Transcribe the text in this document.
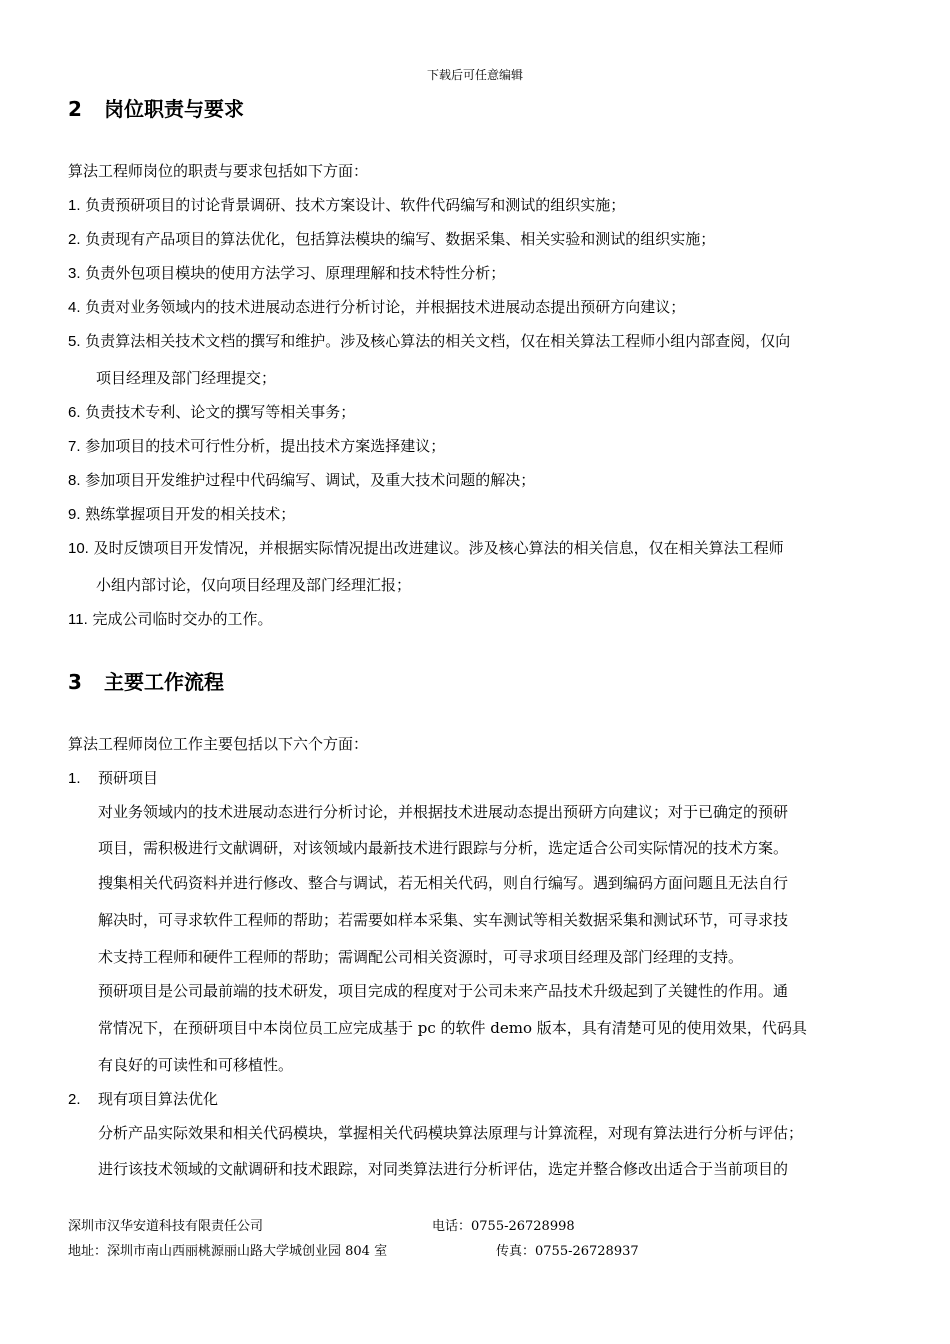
下载后可任意编辑
2 岗位职责与要求
算法工程师岗位的职责与要求包括如下方面：
1. 负责预研项目的讨论背景调研、技术方案设计、软件代码编写和测试的组织实施；
2. 负责现有产品项目的算法优化，包括算法模块的编写、数据采集、相关实验和测试的组织实施；
3. 负责外包项目模块的使用方法学习、原理理解和技术特性分析；
4. 负责对业务领域内的技术进展动态进行分析讨论，并根据技术进展动态提出预研方向建议；
5. 负责算法相关技术文档的撰写和维护。涉及核心算法的相关文档，仅在相关算法工程师小组内部查阅，仅向
项目经理及部门经理提交；
6. 负责技术专利、论文的撰写等相关事务；
7. 参加项目的技术可行性分析，提出技术方案选择建议；
8. 参加项目开发维护过程中代码编写、调试，及重大技术问题的解决；
9. 熟练掌握项目开发的相关技术；
10. 及时反馈项目开发情况，并根据实际情况提出改进建议。涉及核心算法的相关信息，仅在相关算法工程师
小组内部讨论，仅向项目经理及部门经理汇报；
11. 完成公司临时交办的工作。
3 主要工作流程
算法工程师岗位工作主要包括以下六个方面：
1. 预研项目
对业务领域内的技术进展动态进行分析讨论，并根据技术进展动态提出预研方向建议；对于已确定的预研
项目，需积极进行文献调研，对该领域内最新技术进行跟踪与分析，选定适合公司实际情况的技术方案。
搜集相关代码资料并进行修改、整合与调试，若无相关代码，则自行编写。遇到编码方面问题且无法自行
解决时，可寻求软件工程师的帮助；若需要如样本采集、实车测试等相关数据采集和测试环节，可寻求技
术支持工程师和硬件工程师的帮助；需调配公司相关资源时，可寻求项目经理及部门经理的支持。
预研项目是公司最前端的技术研发，项目完成的程度对于公司未来产品技术升级起到了关键性的作用。通
常情况下，在预研项目中本岗位员工应完成基于 pc 的软件 demo 版本，具有清楚可见的使用效果，代码具
有良好的可读性和可移植性。
2. 现有项目算法优化
分析产品实际效果和相关代码模块，掌握相关代码模块算法原理与计算流程，对现有算法进行分析与评估；
进行该技术领域的文献调研和技术跟踪，对同类算法进行分析评估，选定并整合修改出适合于当前项目的
深圳市汉华安道科技有限责任公司	电话：0755-26728998
地址：深圳市南山西丽桃源丽山路大学城创业园 804 室	传真：0755-26728937
